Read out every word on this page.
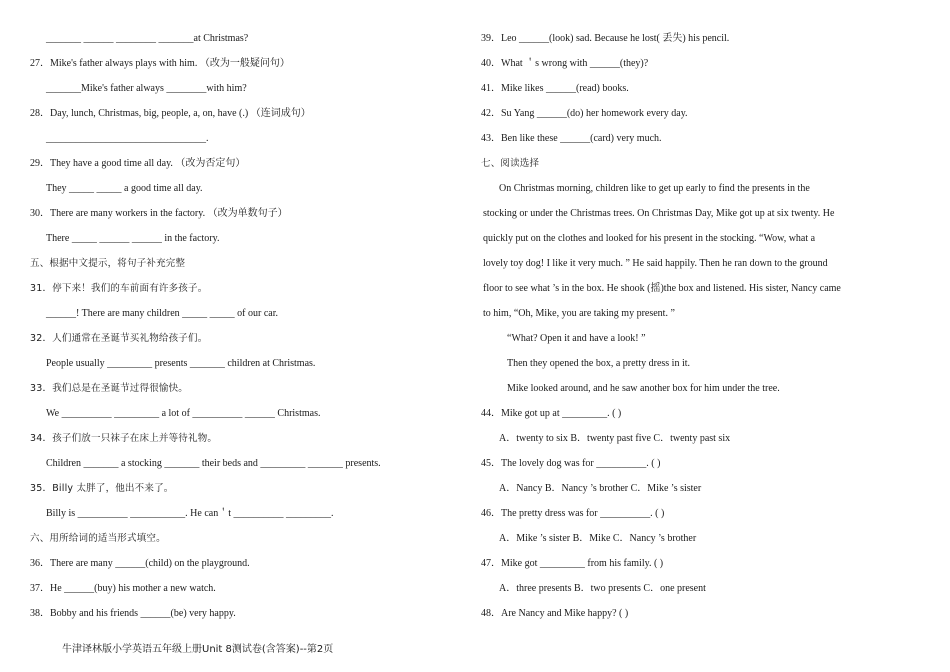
_______ ______ ________ _______at Christmas?
27．Mike's father always plays with him. （改为一般疑问句）
_______Mike's father always ________with him?
28．Day, lunch, Christmas, big, people, a, on, have (.) （连词成句）
________________________________.
29．They have a good time all day. （改为否定句）
They _____ _____ a good time all day.
30．There are many workers in the factory. （改为单数句子）
There _____ ______ ______ in the factory.
五、根据中文提示，将句子补充完整
31．停下来！我们的车前面有许多孩子。
______! There are many children _____ _____ of our car.
32．人们通常在圣诞节买礼物给孩子们。
People usually _________ presents _______ children at Christmas.
33．我们总是在圣诞节过得很愉快。
We __________ _________ a lot of __________ ______ Christmas.
34．孩子们放一只袜子在床上并等待礼物。
Children _______ a stocking _______ their beds and _________ _______ presents.
35．Billy 太胖了，他出不来了。
Billy is __________ ___________. He can＇t __________ _________.
六、用所给词的适当形式填空。
36．There are many ______(child) on the playground.
37．He ______(buy) his mother a new watch.
38．Bobby and his friends ______(be) very happy.
39．Leo ______(look) sad. Because he lost( 丢失) his pencil.
40．What ＇s wrong with ______(they)?
41．Mike likes ______(read) books.
42．Su Yang ______(do) her homework every day.
43．Ben like these ______(card) very much.
七、阅读选择
On Christmas morning, children like to get up early to find the presents in the
stocking or under the Christmas trees. On Christmas Day, Mike got up at six twenty. He
quickly put on the clothes and looked for his present in the stocking. “Wow, what a
lovely toy dog! I like it very much. ” He said happily. Then he ran down to the ground
floor to see what ’s in the box. He shook (摇)the box and listened. His sister, Nancy came
to him, “Oh, Mike, you are taking my present. ”
“What? Open it and have a look! ”
Then they opened the box, a pretty dress in it.
Mike looked around, and he saw another box for him under the tree.
44．Mike got up at _________. ( )
A．twenty to six B．twenty past five C．twenty past six
45．The lovely dog was for __________. ( )
A．Nancy B．Nancy ’s brother C．Mike ’s sister
46．The pretty dress was for __________. ( )
A．Mike ’s sister B．Mike C．Nancy ’s brother
47．Mike got _________ from his family. ( )
A．three presents B．two presents C．one present
48．Are Nancy and Mike happy? ( )
牛津译林版小学英语五年级上册Unit 8测试卷(含答案)--第2页
